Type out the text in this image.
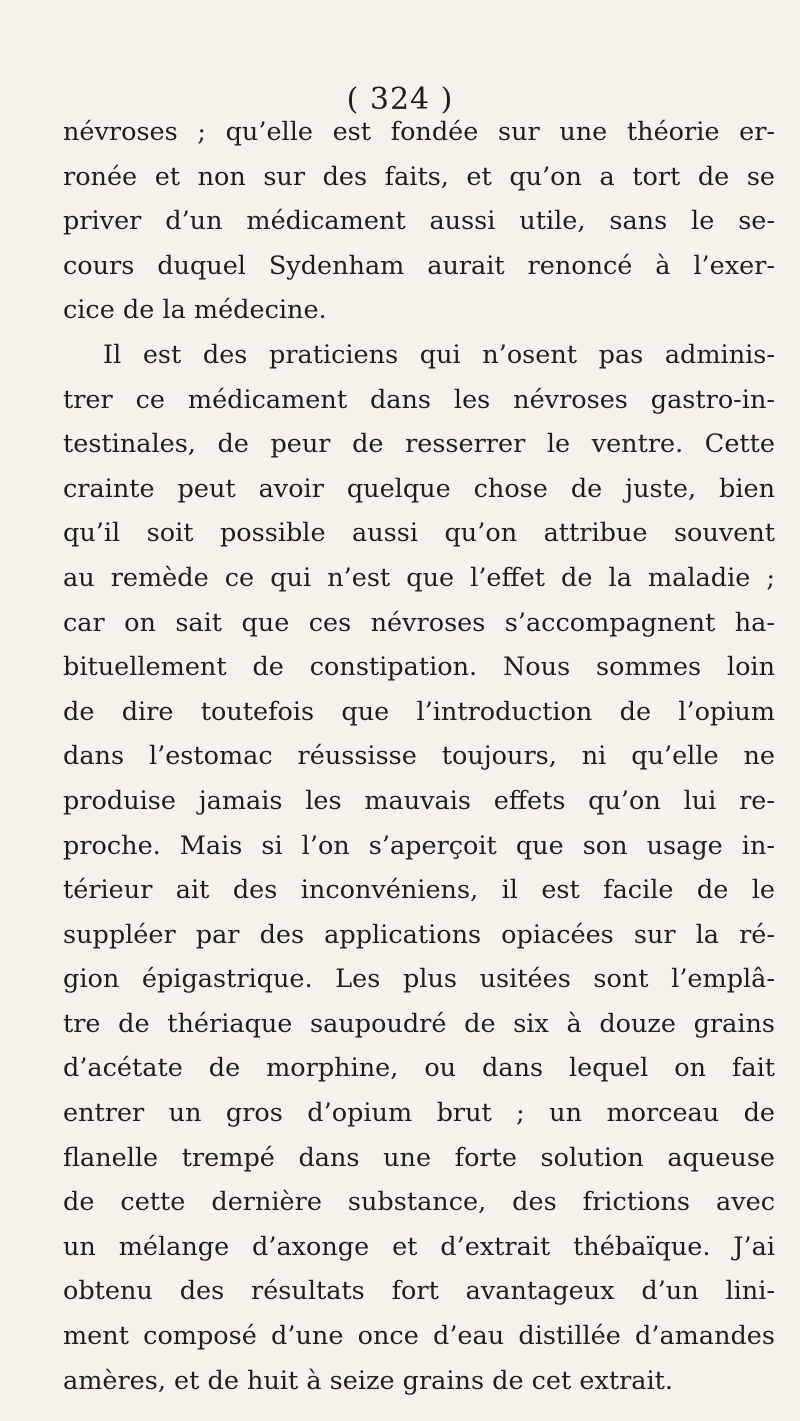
( 324 )
névroses ; qu’elle est fondée sur une théorie er-
ronée et non sur des faits, et qu’on a tort de se
priver d’un médicament aussi utile, sans le se-
cours duquel Sydenham aurait renoncé à l’exer-
cice de la médecine.
Il est des praticiens qui n’osent pas adminis-
trer ce médicament dans les névroses gastro-in-
testinales, de peur de resserrer le ventre. Cette
crainte peut avoir quelque chose de juste, bien
qu’il soit possible aussi qu’on attribue souvent
au remède ce qui n’est que l’effet de la maladie ;
car on sait que ces névroses s’accompagnent ha-
bituellement de constipation. Nous sommes loin
de dire toutefois que l’introduction de l’opium
dans l’estomac réussisse toujours, ni qu’elle ne
produise jamais les mauvais effets qu’on lui re-
proche. Mais si l’on s’aperçoit que son usage in-
térieur ait des inconvéniens, il est facile de le
suppléer par des applications opiacées sur la ré-
gion épigastrique. Les plus usitées sont l’emplâ-
tre de thériaque saupoudré de six à douze grains
d’acétate de morphine, ou dans lequel on fait
entrer un gros d’opium brut ; un morceau de
flanelle trempé dans une forte solution aqueuse
de cette dernière substance, des frictions avec
un mélange d’axonge et d’extrait thébaïque. J’ai
obtenu des résultats fort avantageux d’un lini-
ment composé d’une once d’eau distillée d’amandes
amères, et de huit à seize grains de cet extrait.
